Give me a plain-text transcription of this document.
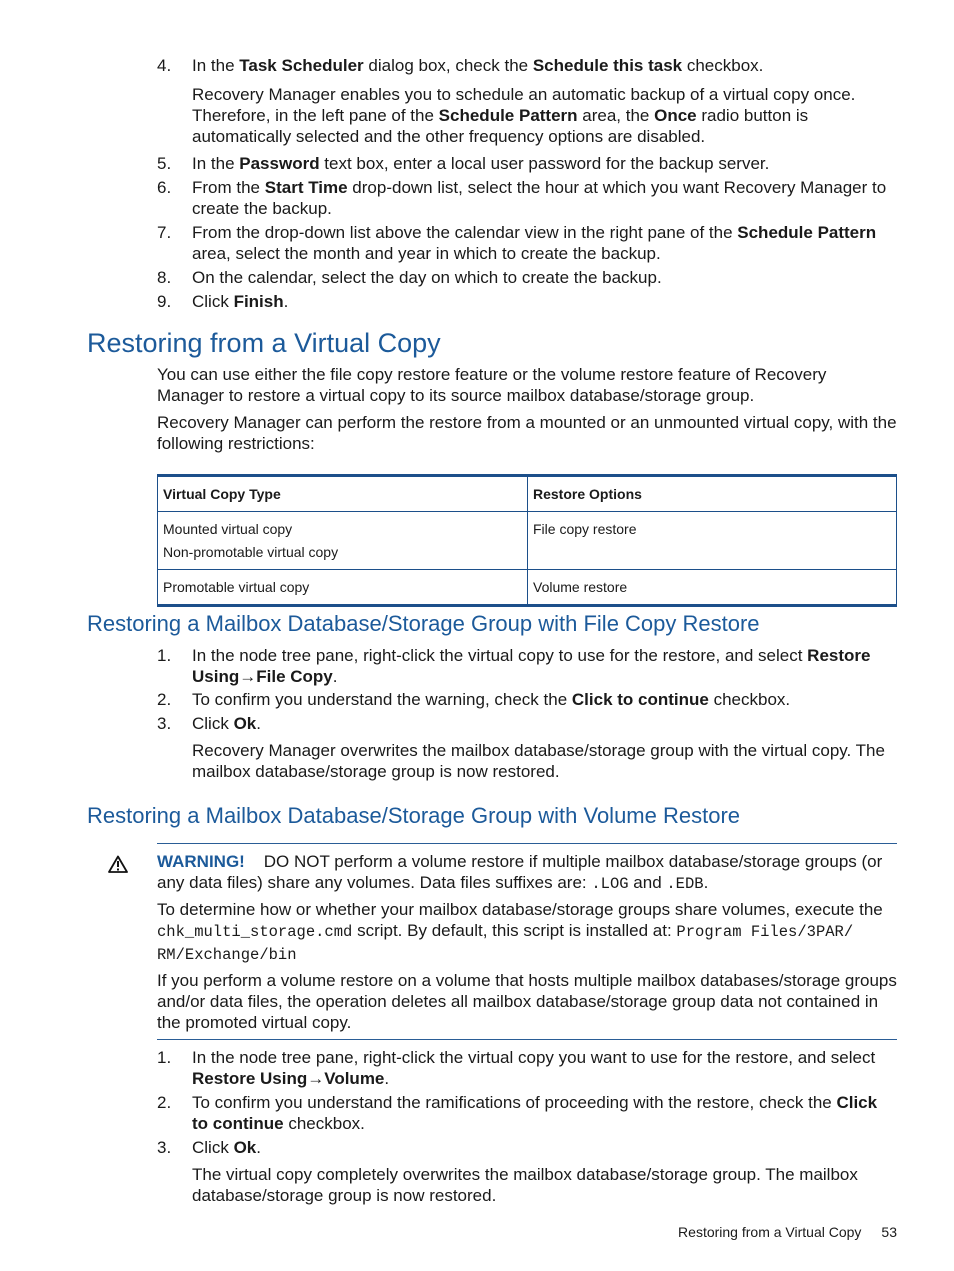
4.	In the Task Scheduler dialog box, check the Schedule this task checkbox.
Recovery Manager enables you to schedule an automatic backup of a virtual copy once. Therefore, in the left pane of the Schedule Pattern area, the Once radio button is automatically selected and the other frequency options are disabled.
5.	In the Password text box, enter a local user password for the backup server.
6.	From the Start Time drop-down list, select the hour at which you want Recovery Manager to create the backup.
7.	From the drop-down list above the calendar view in the right pane of the Schedule Pattern area, select the month and year in which to create the backup.
8.	On the calendar, select the day on which to create the backup.
9.	Click Finish.
Restoring from a Virtual Copy
You can use either the file copy restore feature or the volume restore feature of Recovery Manager to restore a virtual copy to its source mailbox database/storage group.
Recovery Manager can perform the restore from a mounted or an unmounted virtual copy, with the following restrictions:
Virtual Copy Type	Restore Options

Mounted virtual copy
Non-promotable virtual copy	File copy restore
Promotable virtual copy	Volume restore
Restoring a Mailbox Database/Storage Group with File Copy Restore
1.	In the node tree pane, right-click the virtual copy to use for the restore, and select Restore Using→File Copy.
2.	To confirm you understand the warning, check the Click to continue checkbox.
3.	Click Ok.
Recovery Manager overwrites the mailbox database/storage group with the virtual copy. The mailbox database/storage group is now restored.
Restoring a Mailbox Database/Storage Group with Volume Restore
WARNING! DO NOT perform a volume restore if multiple mailbox database/storage groups (or any data files) share any volumes. Data files suffixes are: .LOG and .EDB.
To determine how or whether your mailbox database/storage groups share volumes, execute the chk_multi_storage.cmd script. By default, this script is installed at: Program Files/3PAR/ RM/Exchange/bin
If you perform a volume restore on a volume that hosts multiple mailbox databases/storage groups and/or data files, the operation deletes all mailbox database/storage group data not contained in the promoted virtual copy.
1.	In the node tree pane, right-click the virtual copy you want to use for the restore, and select Restore Using→Volume.
2.	To confirm you understand the ramifications of proceeding with the restore, check the Click to continue checkbox.
3.	Click Ok.
The virtual copy completely overwrites the mailbox database/storage group. The mailbox database/storage group is now restored.
Restoring from a Virtual Copy 53
